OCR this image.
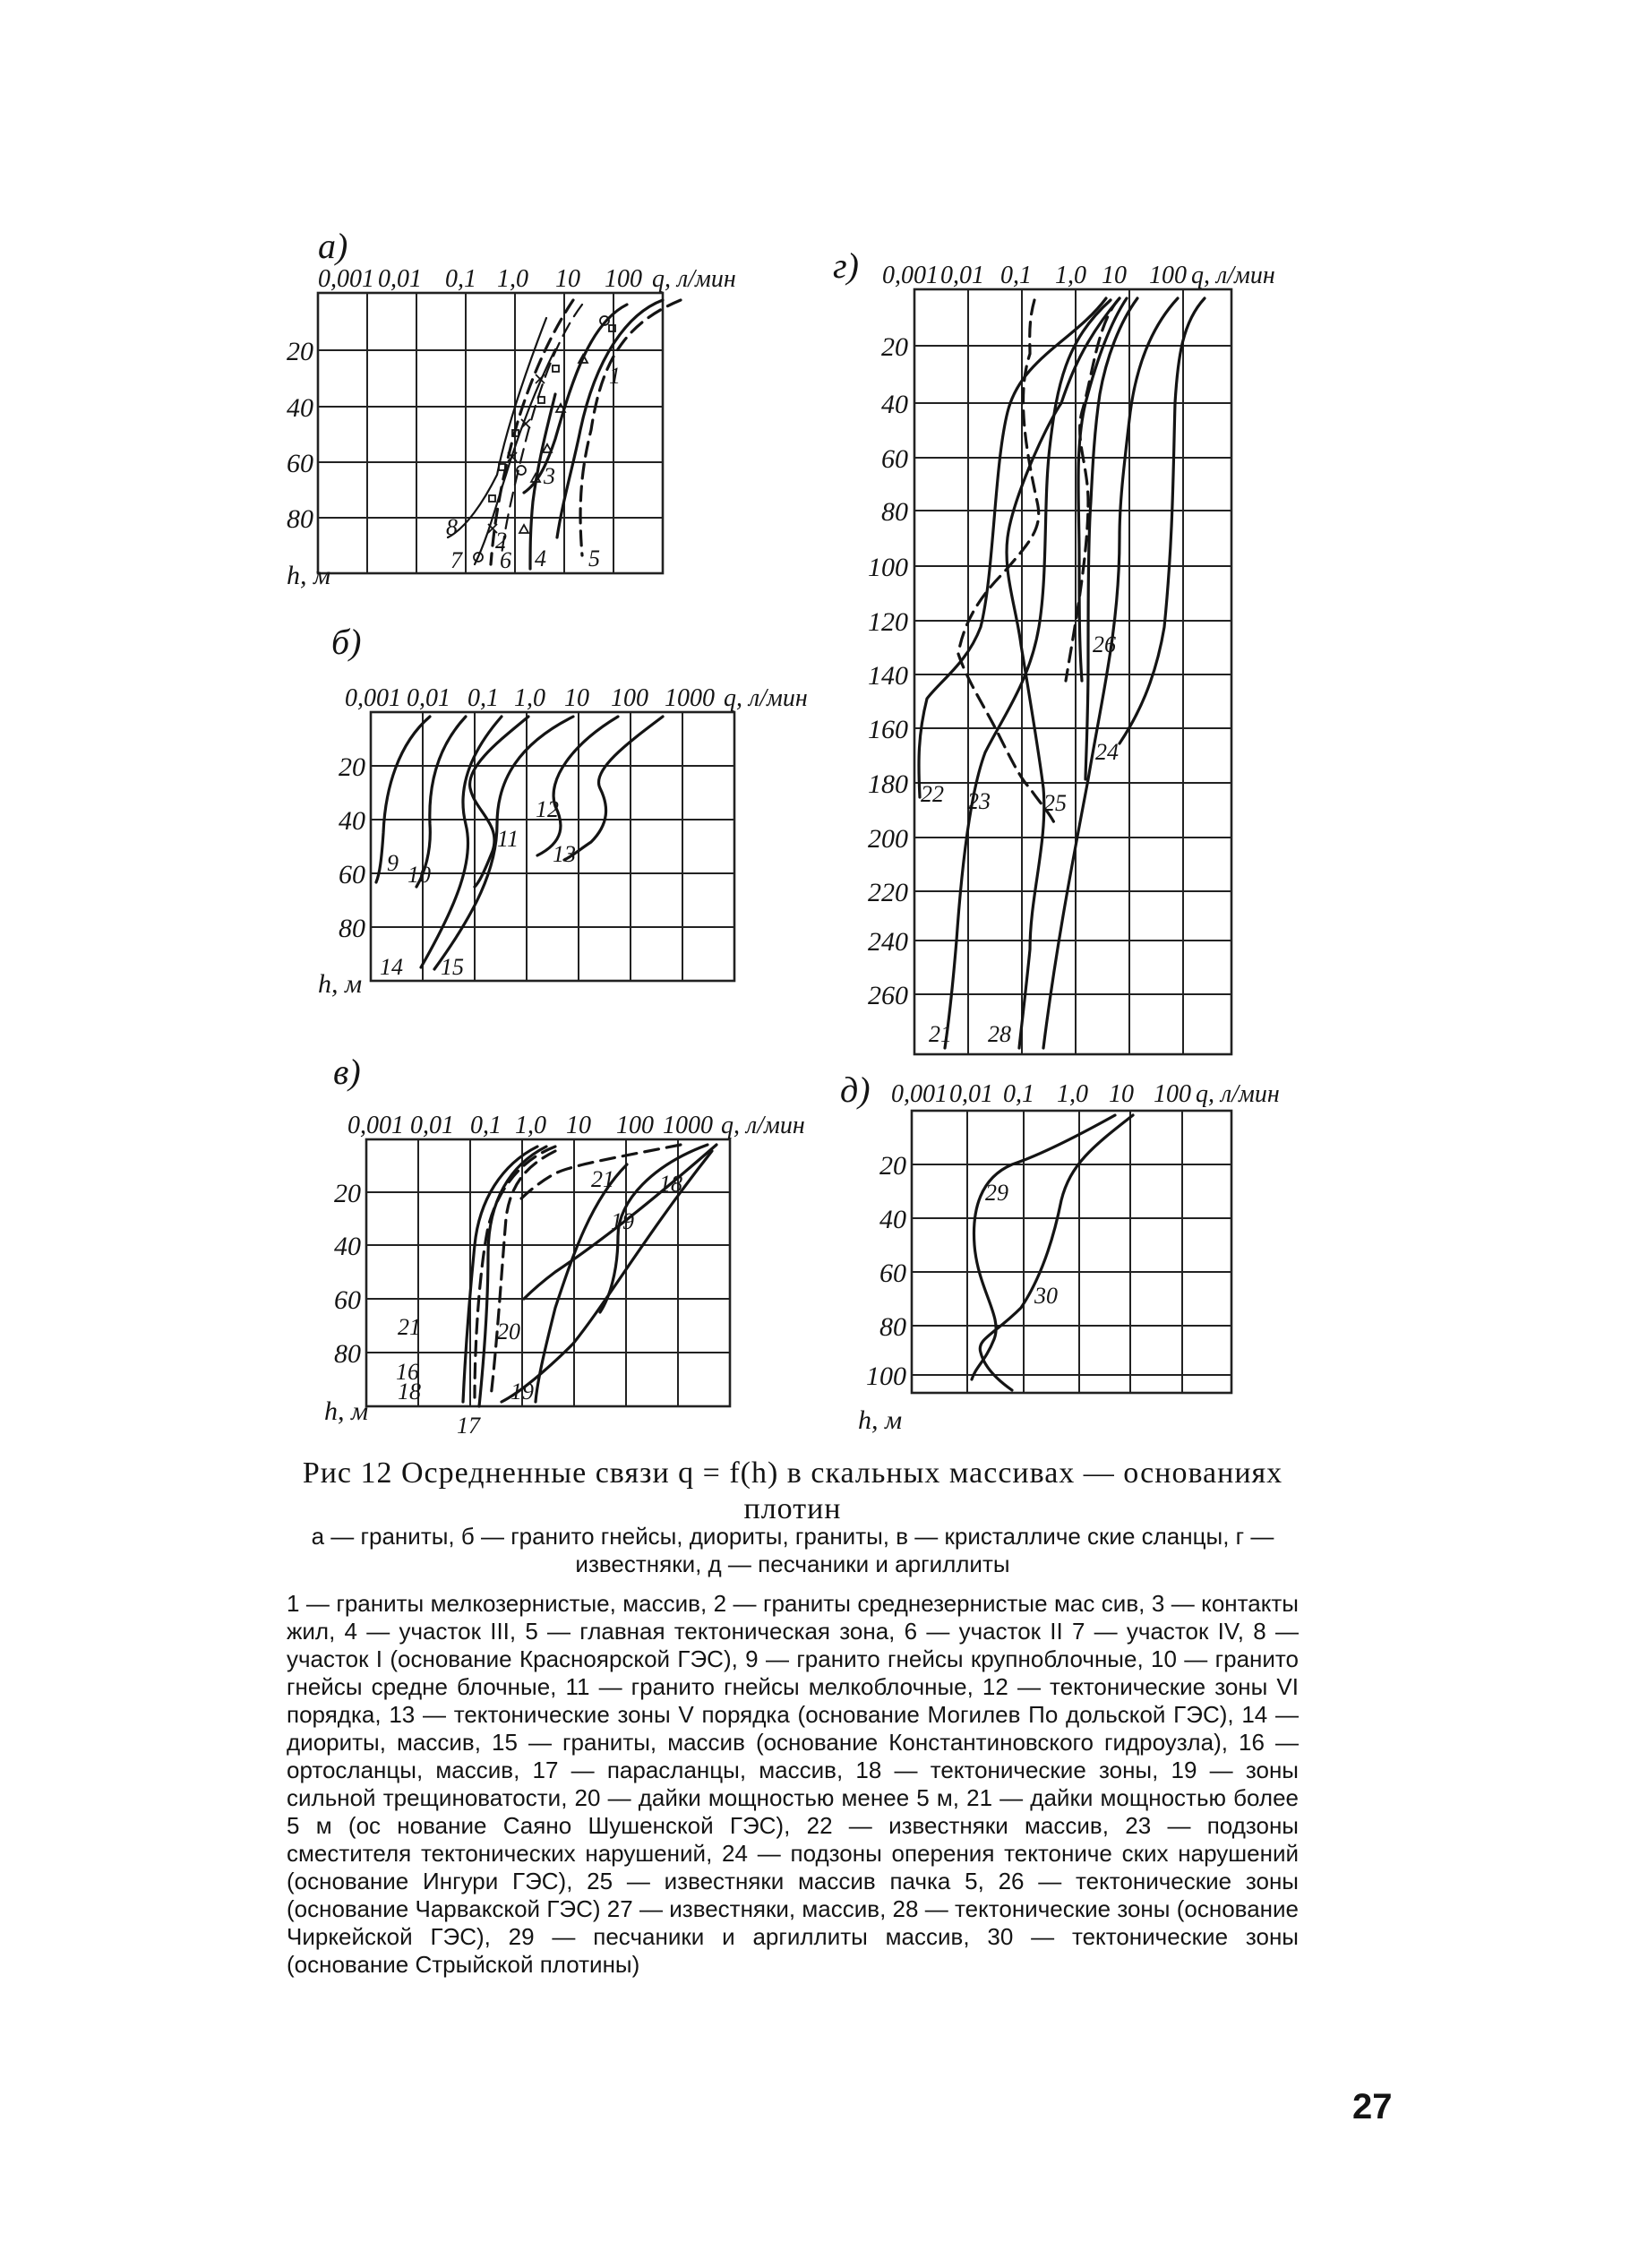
а)
0,001 0,01 0,1 1,0 10 100 q, л/мин
20
40
60
80
h, м
1
2
3
4 5
6
7
8
б)
0,001 0,01 0,1 1,0 10 100 1000 q, л/мин
20
40
60
80
h, м
9 10
11
12
13
14 15
в)
0,001 0,01 0,1 1,0 10 100 1000 q, л/мин
20
40
60
80
h, м
16
17
18
18
19
19
20
21
21
г) 0,001 0,01 0,1 1,0 10 100 q, л/мин
20
40
60
80
100
120
140
160
180
200
220
240
260
21
22 23
24
25
26
28
д) 0,001 0,01 0,1 1,0 10 100 q, л/мин
20
40
60
80
100
h, м
29
30
Рис 12 Осредненные связи q = f(h) в скальных массивах — основаниях плотин
а — граниты, б — гранито гнейсы, диориты, граниты, в — кристалличе ские сланцы, г — известняки, д — песчаники и аргиллиты
1 — граниты мелкозернистые, массив, 2 — граниты среднезернистые мас сив, 3 — контакты жил, 4 — участок III, 5 — главная тектоническая зона, 6 — участок II 7 — участок IV, 8 — участок I (основание Красноярской ГЭС), 9 — гранито гнейсы крупноблочные, 10 — гранито гнейсы средне блочные, 11 — гранито гнейсы мелкоблочные, 12 — тектонические зоны VI порядка, 13 — тектонические зоны V порядка (основание Могилев По дольской ГЭС), 14 — диориты, массив, 15 — граниты, массив (основание Константиновского гидроузла), 16 — ортосланцы, массив, 17 — парасланцы, массив, 18 — тектонические зоны, 19 — зоны сильной трещиноватости, 20 — дайки мощностью менее 5 м, 21 — дайки мощностью более 5 м (ос нование Саяно Шушенской ГЭС), 22 — известняки массив, 23 — подзоны сместителя тектонических нарушений, 24 — подзоны оперения тектониче ских нарушений (основание Ингури ГЭС), 25 — известняки массив пачка 5, 26 — тектонические зоны (основание Чарвакской ГЭС) 27 — известняки, массив, 28 — тектонические зоны (основание Чиркейской ГЭС), 29 — песчаники и аргиллиты массив, 30 — тектонические зоны (основание Стрыйской плотины)
27
